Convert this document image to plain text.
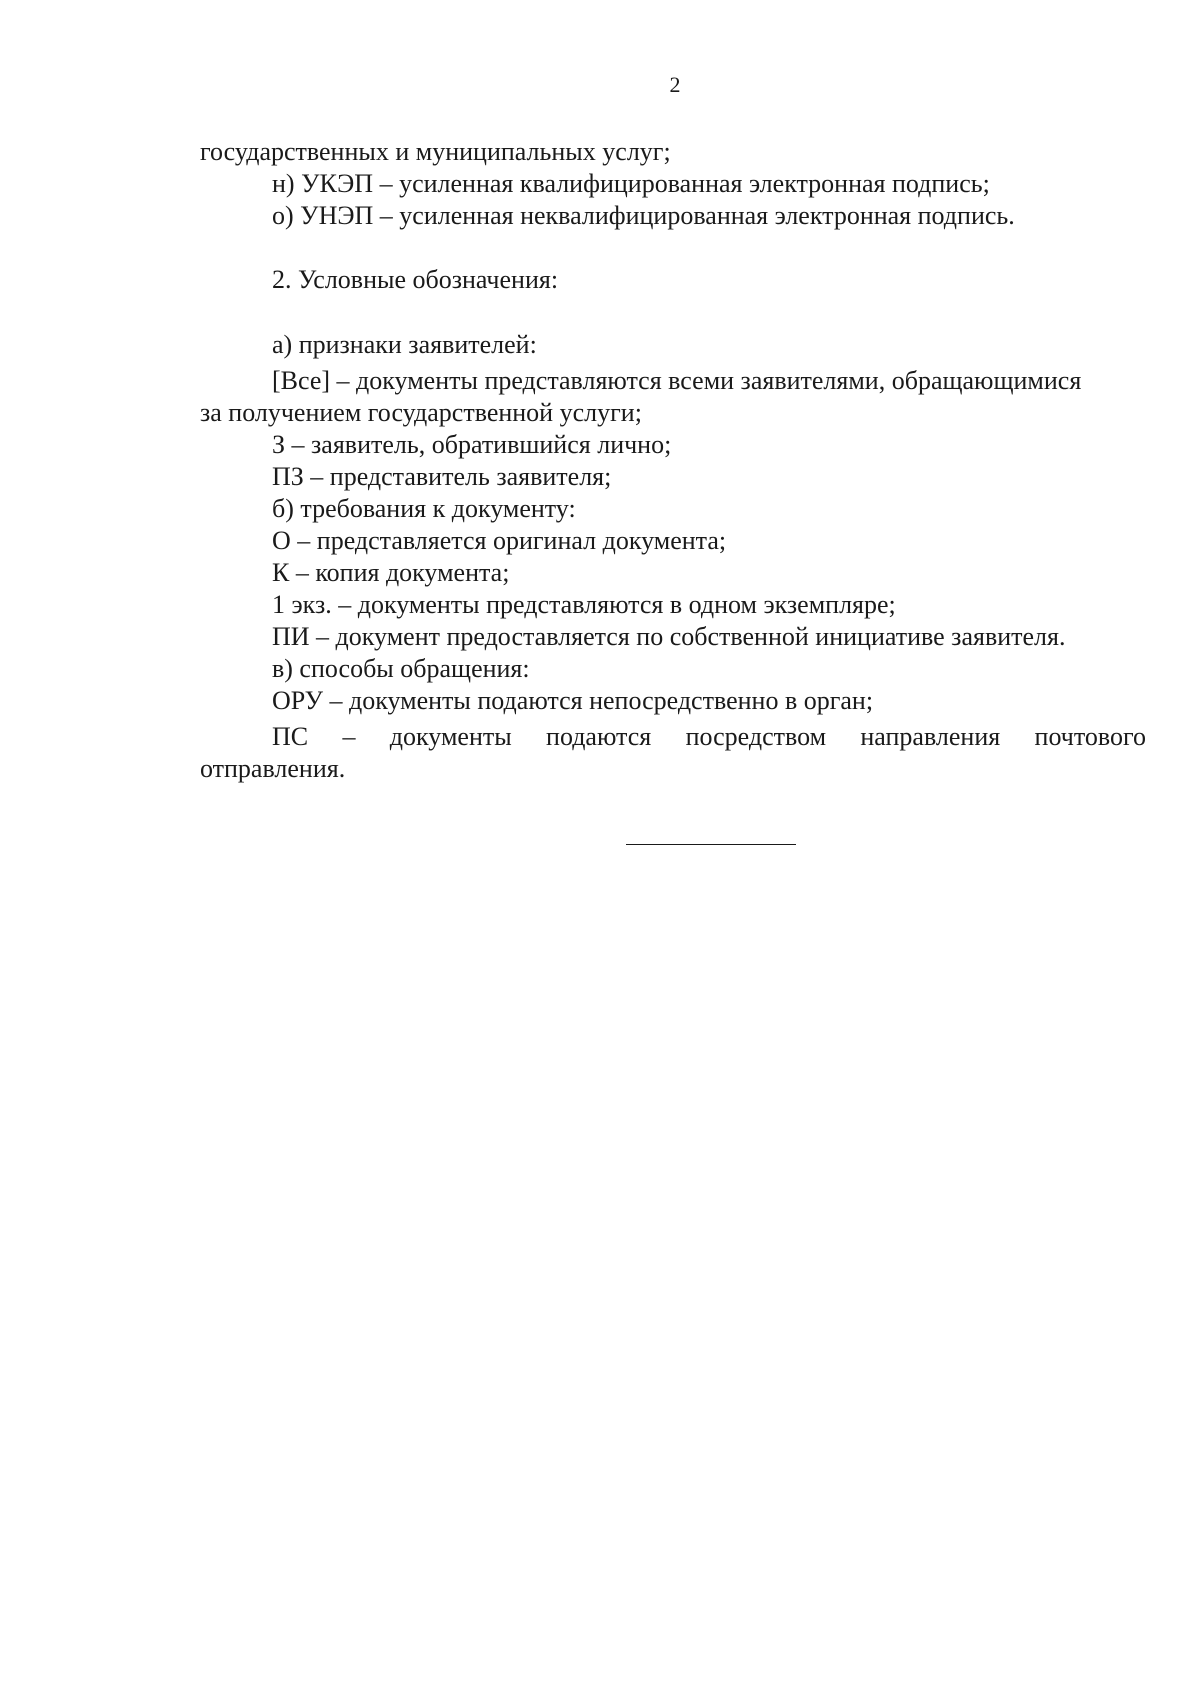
2
государственных и муниципальных услуг;
н) УКЭП – усиленная квалифицированная электронная подпись;
о) УНЭП – усиленная неквалифицированная электронная подпись.
2. Условные обозначения:
а) признаки заявителей:
[Все] – документы представляются всеми заявителями, обращающимися
за получением государственной услуги;
З – заявитель, обратившийся лично;
ПЗ – представитель заявителя;
б) требования к документу:
О – представляется оригинал документа;
К – копия документа;
1 экз. – документы представляются в одном экземпляре;
ПИ – документ предоставляется по собственной инициативе заявителя.
в) способы обращения:
ОРУ – документы подаются непосредственно в орган;
ПС – документы подаются посредством направления почтового
отправления.
